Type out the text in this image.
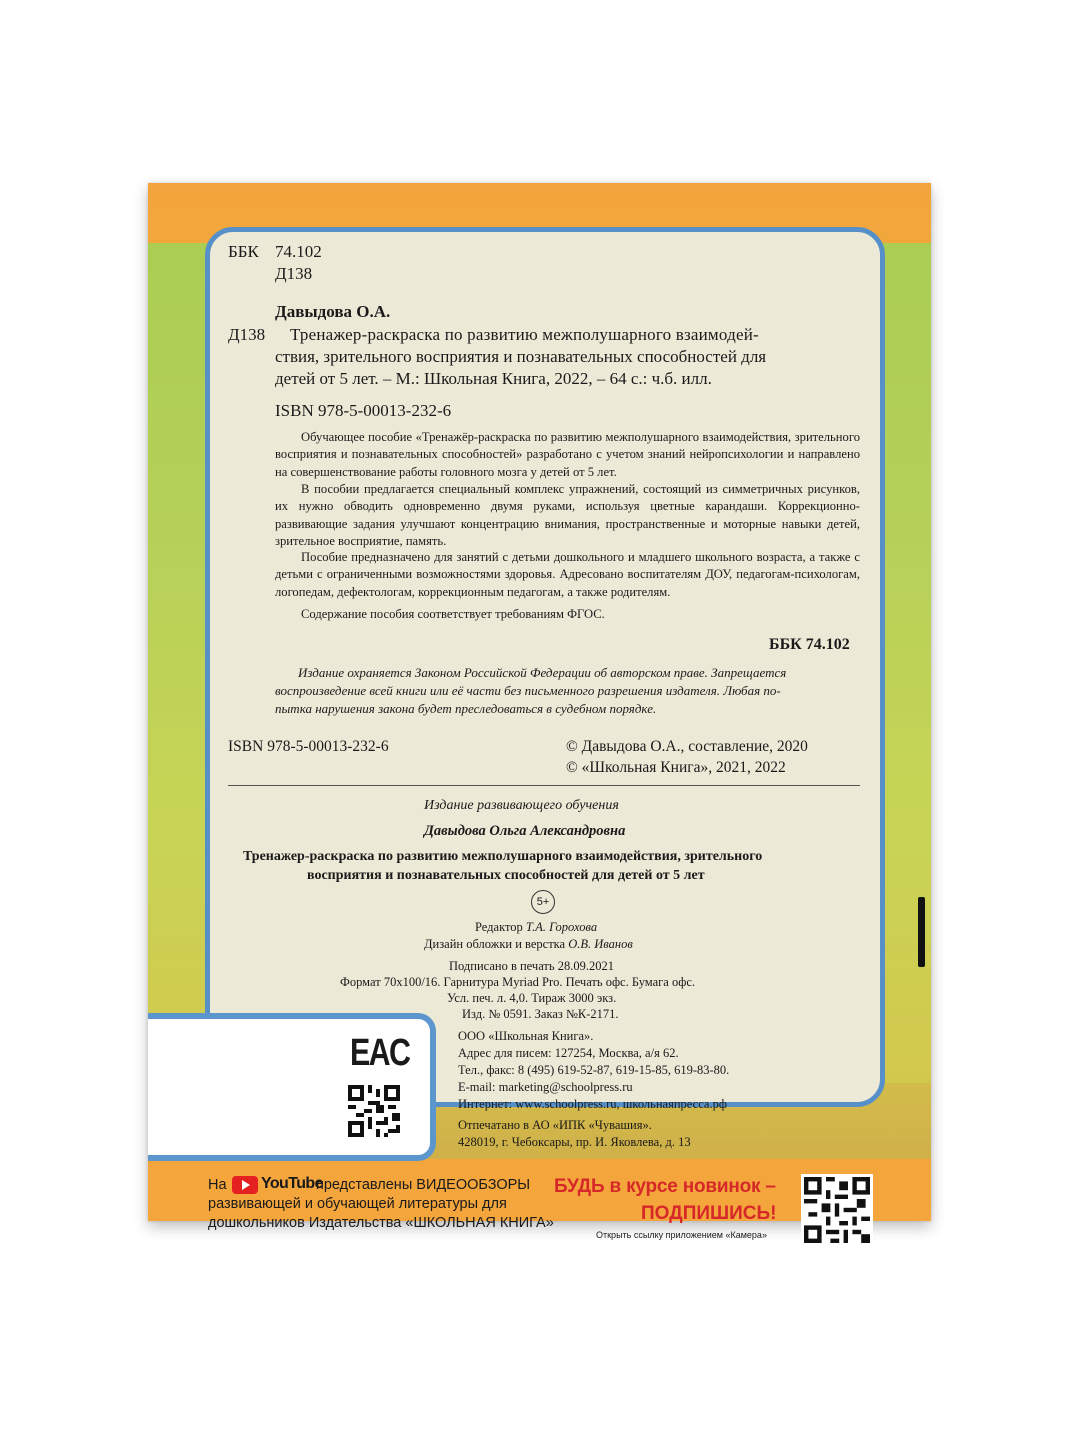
ББК 74.102
Д138
Давыдова О.А.
Д138 Тренажер-раскраска по развитию межполушарного взаимодей-
ствия, зрительного восприятия и познавательных способностей для
детей от 5 лет. – М.: Школьная Книга, 2022, – 64 с.: ч.б. илл.
ISBN 978-5-00013-232-6
Обучающее пособие «Тренажёр-раскраска по развитию межполушарного взаимодействия, зрительного восприятия и познавательных способностей» разработано с учетом знаний нейропсихологии и направлено на совершенствование работы головного мозга у детей от 5 лет.
В пособии предлагается специальный комплекс упражнений, состоящий из симметричных рисунков, их нужно обводить одновременно двумя руками, используя цветные карандаши. Коррекционно-развивающие задания улучшают концентрацию внимания, пространственные и моторные навыки детей, зрительное восприятие, память.
Пособие предназначено для занятий с детьми дошкольного и младшего школьного возраста, а также с детьми с ограниченными возможностями здоровья. Адресовано воспитателям ДОУ, педагогам-психологам, логопедам, дефектологам, коррекционным педагогам, а также родителям.
Содержание пособия соответствует требованиям ФГОС.
ББК 74.102
Издание охраняется Законом Российской Федерации об авторском праве. Запрещается
воспроизведение всей книги или её части без письменного разрешения издателя. Любая по-
пытка нарушения закона будет преследоваться в судебном порядке.
ISBN 978-5-00013-232-6	© Давыдова О.А., составление, 2020
© «Школьная Книга», 2021, 2022
Издание развивающего обучения
Давыдова Ольга Александровна
Тренажер-раскраска по развитию межполушарного взаимодействия, зрительного
восприятия и познавательных способностей для детей от 5 лет
5+
Редактор Т.А. Горохова
Дизайн обложки и верстка О.В. Иванов
Подписано в печать 28.09.2021
Формат 70x100/16. Гарнитура Myriad Pro. Печать офс. Бумага офс.
Усл. печ. л. 4,0. Тираж 3000 экз.
Изд. № 0591. Заказ №К-2171.
ООО «Школьная Книга».
Адрес для писем: 127254, Москва, а/я 62.
Тел., факс: 8 (495) 619-52-87, 619-15-85, 619-83-80.
E-mail: marketing@schoolpress.ru
Интернет: www.schoolpress.ru, школьнаяпресса.рф
Отпечатано в АО «ИПК «Чувашия».
428019, г. Чебоксары, пр. И. Яковлева, д. 13
EAC
На YouTube
представлены ВИДЕООБЗОРЫ
развивающей и обучающей литературы для
дошкольников Издательства «ШКОЛЬНАЯ КНИГА»
БУДЬ в курсе новинок –
ПОДПИШИСЬ!
Открыть ссылку приложением «Камера»
